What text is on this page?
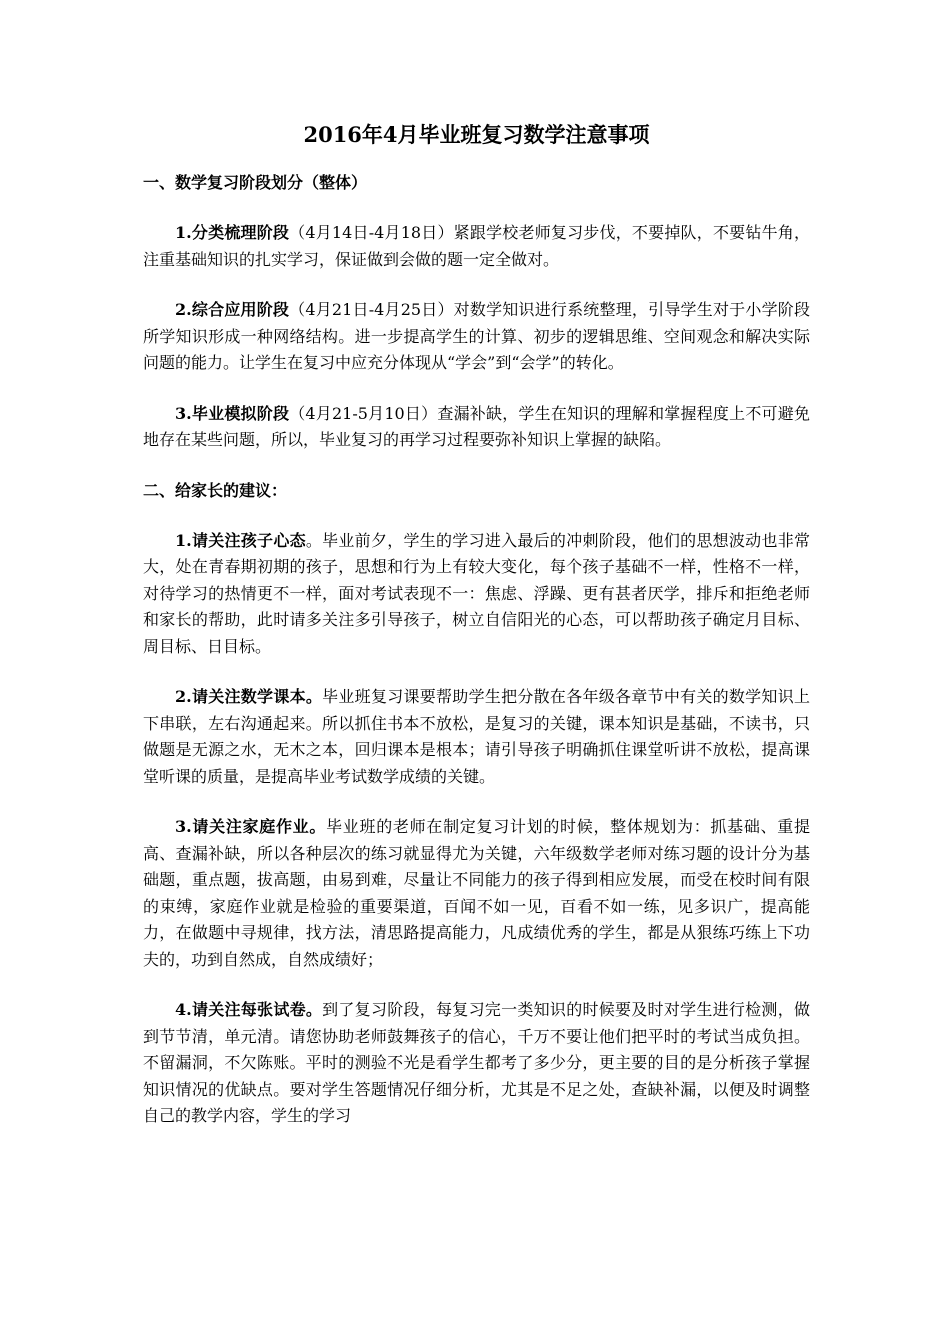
2016年4月毕业班复习数学注意事项
一、数学复习阶段划分（整体）

1.分类梳理阶段（4月14日-4月18日）紧跟学校老师复习步伐，不要掉队，不要钻牛角，注重基础知识的扎实学习，保证做到会做的题一定全做对。

2.综合应用阶段（4月21日-4月25日）对数学知识进行系统整理，引导学生对于小学阶段所学知识形成一种网络结构。进一步提高学生的计算、初步的逻辑思维、空间观念和解决实际问题的能力。让学生在复习中应充分体现从“学会”到“会学”的转化。

3.毕业模拟阶段（4月21-5月10日）查漏补缺，学生在知识的理解和掌握程度上不可避免地存在某些问题，所以，毕业复习的再学习过程要弥补知识上掌握的缺陷。

二、给家长的建议：

1.请关注孩子心态。毕业前夕，学生的学习进入最后的冲刺阶段，他们的思想波动也非常大，处在青春期初期的孩子，思想和行为上有较大变化，每个孩子基础不一样，性格不一样，对待学习的热情更不一样，面对考试表现不一：焦虑、浮躁、更有甚者厌学，排斥和拒绝老师和家长的帮助，此时请多关注多引导孩子，树立自信阳光的心态，可以帮助孩子确定月目标、周目标、日目标。

2.请关注数学课本。毕业班复习课要帮助学生把分散在各年级各章节中有关的数学知识上下串联，左右沟通起来。所以抓住书本不放松，是复习的关键，课本知识是基础，不读书，只做题是无源之水，无木之本，回归课本是根本；请引导孩子明确抓住课堂听讲不放松，提高课堂听课的质量，是提高毕业考试数学成绩的关键。

3.请关注家庭作业。毕业班的老师在制定复习计划的时候，整体规划为：抓基础、重提高、查漏补缺，所以各种层次的练习就显得尤为关键，六年级数学老师对练习题的设计分为基础题，重点题，拔高题，由易到难，尽量让不同能力的孩子得到相应发展，而受在校时间有限的束缚，家庭作业就是检验的重要渠道，百闻不如一见，百看不如一练，见多识广，提高能力，在做题中寻规律，找方法，清思路提高能力，凡成绩优秀的学生，都是从狠练巧练上下功夫的，功到自然成，自然成绩好；

4.请关注每张试卷。到了复习阶段，每复习完一类知识的时候要及时对学生进行检测，做到节节清，单元清。请您协助老师鼓舞孩子的信心，千万不要让他们把平时的考试当成负担。不留漏洞，不欠陈账。平时的测验不光是看学生都考了多少分，更主要的目的是分析孩子掌握知识情况的优缺点。要对学生答题情况仔细分析，尤其是不足之处，查缺补漏，以便及时调整自己的教学内容，学生的学习
